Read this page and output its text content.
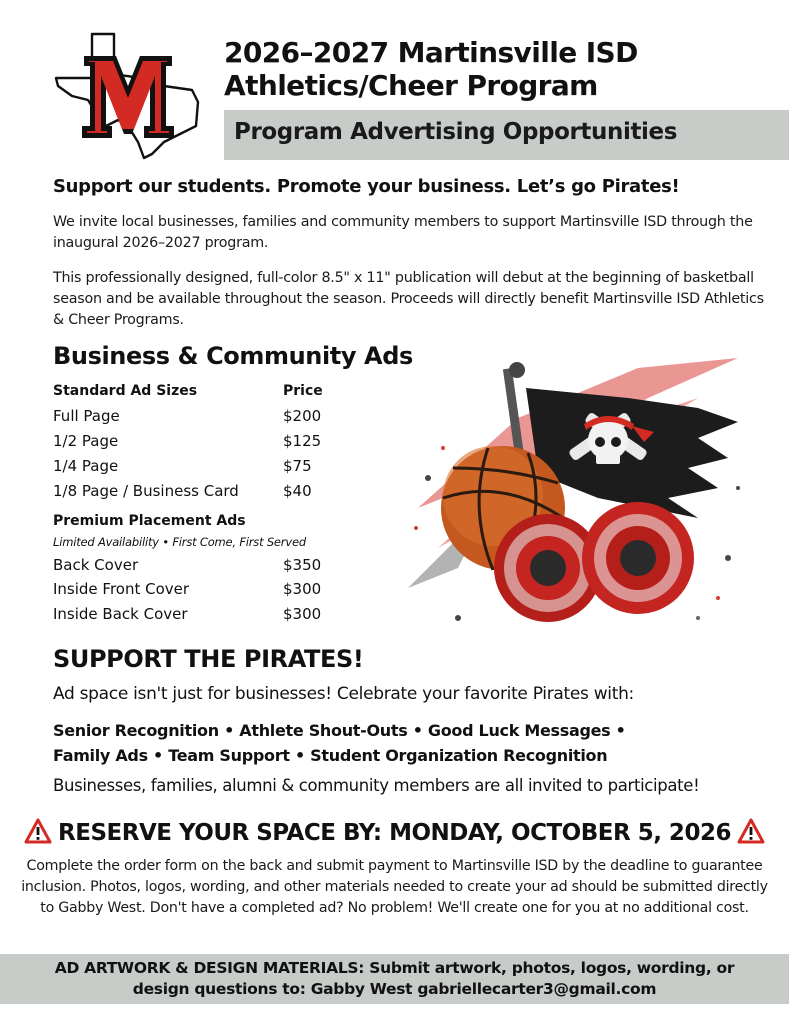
2026–2027 Martinsville ISD
Athletics/Cheer Program
Program Advertising Opportunities
Support our students. Promote your business. Let’s go Pirates!
We invite local businesses, families and community members to support Martinsville ISD through the inaugural 2026–2027 program.
This professionally designed, full-color 8.5" x 11" publication will debut at the beginning of basketball season and be available throughout the season. Proceeds will directly benefit Martinsville ISD Athletics & Cheer Programs.
Business & Community Ads
Standard Ad Sizes	Price
Full Page	$200
1/2 Page	$125
1/4 Page	$75
1/8 Page / Business Card	$40
Premium Placement Ads
Limited Availability • First Come, First Served
Back Cover	$350
Inside Front Cover	$300
Inside Back Cover	$300
SUPPORT THE PIRATES!
Ad space isn't just for businesses! Celebrate your favorite Pirates with:
Senior Recognition • Athlete Shout-Outs • Good Luck Messages •
Family Ads • Team Support • Student Organization Recognition
Businesses, families, alumni & community members are all invited to participate!
RESERVE YOUR SPACE BY: MONDAY, OCTOBER 5, 2026
Complete the order form on the back and submit payment to Martinsville ISD by the deadline to guarantee inclusion. Photos, logos, wording, and other materials needed to create your ad should be submitted directly to Gabby West. Don't have a completed ad? No problem! We'll create one for you at no additional cost.
AD ARTWORK & DESIGN MATERIALS: Submit artwork, photos, logos, wording, or
design questions to: Gabby West gabriellecarter3@gmail.com
